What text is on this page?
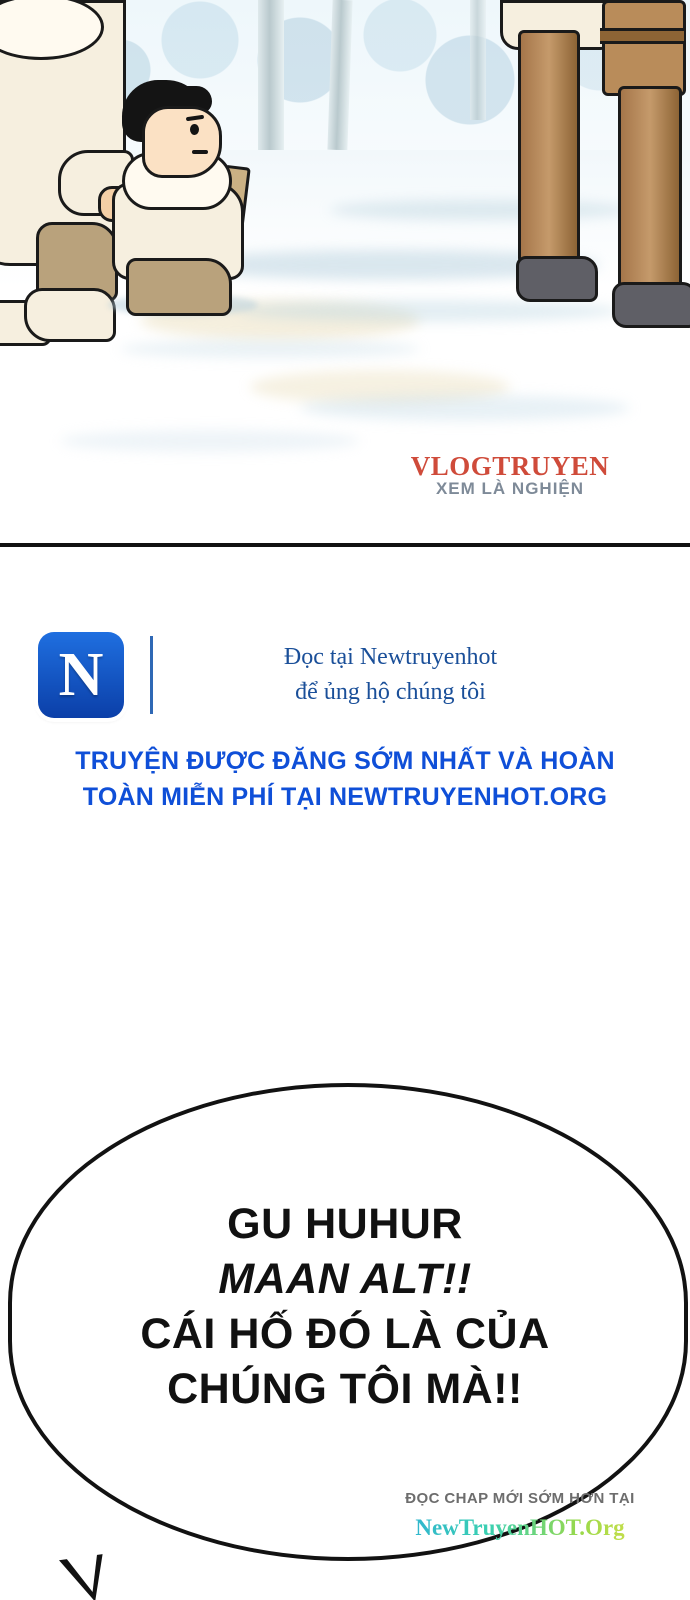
VLOGTRUYEN
XEM LÀ NGHIỆN
N	Đọc tại Newtruyenhot
để ủng hộ chúng tôi
TRUYỆN ĐƯỢC ĐĂNG SỚM NHẤT VÀ HOÀN
TOÀN MIỄN PHÍ TẠI NEWTRUYENHOT.ORG
GU HUHUR
MAAN ALT!!
CÁI HỐ ĐÓ LÀ CỦA
CHÚNG TÔI MÀ!!
ĐỌC CHAP MỚI SỚM HƠN TẠI
NewTruyenHOT.Org
